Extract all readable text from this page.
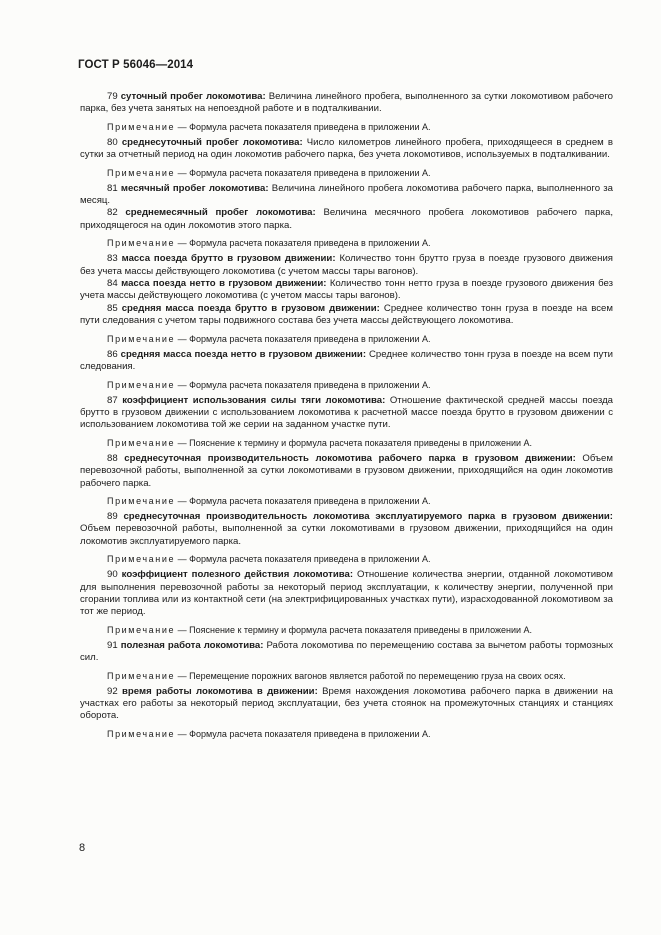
ГОСТ Р 56046—2014

79 суточный пробег локомотива: Величина линейного пробега, выполненного за сутки локомотивом рабочего парка, без учета занятых на непоездной работе и в подталкивании.

Примечание — Формула расчета показателя приведена в приложении А.

80 среднесуточный пробег локомотива: Число километров линейного пробега, приходящееся в среднем в сутки за отчетный период на один локомотив рабочего парка, без учета локомотивов, используемых в подталкивании.

Примечание — Формула расчета показателя приведена в приложении А.

81 месячный пробег локомотива: Величина линейного пробега локомотива рабочего парка, выполненного за месяц.

82 среднемесячный пробег локомотива: Величина месячного пробега локомотивов рабочего парка, приходящегося на один локомотив этого парка.

Примечание — Формула расчета показателя приведена в приложении А.

83 масса поезда брутто в грузовом движении: Количество тонн брутто груза в поезде грузового движения без учета массы действующего локомотива (с учетом массы тары вагонов).

84 масса поезда нетто в грузовом движении: Количество тонн нетто груза в поезде грузового движения без учета массы действующего локомотива (с учетом массы тары вагонов).

85 средняя масса поезда брутто в грузовом движении: Среднее количество тонн груза в поезде на всем пути следования с учетом тары подвижного состава без учета массы действующего локомотива.

Примечание — Формула расчета показателя приведена в приложении А.

86 средняя масса поезда нетто в грузовом движении: Среднее количество тонн груза в поезде на всем пути следования.

Примечание — Формула расчета показателя приведена в приложении А.

87 коэффициент использования силы тяги локомотива: Отношение фактической средней массы поезда брутто в грузовом движении с использованием локомотива к расчетной массе поезда брутто в грузовом движении с использованием локомотива той же серии на заданном участке пути.

Примечание — Пояснение к термину и формула расчета показателя приведены в приложении А.

88 среднесуточная производительность локомотива рабочего парка в грузовом движении: Объем перевозочной работы, выполненной за сутки локомотивами в грузовом движении, приходящийся на один локомотив рабочего парка.

Примечание — Формула расчета показателя приведена в приложении А.

89 среднесуточная производительность локомотива эксплуатируемого парка в грузовом движении: Объем перевозочной работы, выполненной за сутки локомотивами в грузовом движении, приходящийся на один локомотив эксплуатируемого парка.

Примечание — Формула расчета показателя приведена в приложении А.

90 коэффициент полезного действия локомотива: Отношение количества энергии, отданной локомотивом для выполнения перевозочной работы за некоторый период эксплуатации, к количеству энергии, полученной при сгорании топлива или из контактной сети (на электрифицированных участках пути), израсходованной локомотивом за тот же период.

Примечание — Пояснение к термину и формула расчета показателя приведены в приложении А.

91 полезная работа локомотива: Работа локомотива по перемещению состава за вычетом работы тормозных сил.

Примечание — Перемещение порожних вагонов является работой по перемещению груза на своих осях.

92 время работы локомотива в движении: Время нахождения локомотива рабочего парка в движении на участках его работы за некоторый период эксплуатации, без учета стоянок на промежуточных станциях и станциях оборота.

Примечание — Формула расчета показателя приведена в приложении А.

8
